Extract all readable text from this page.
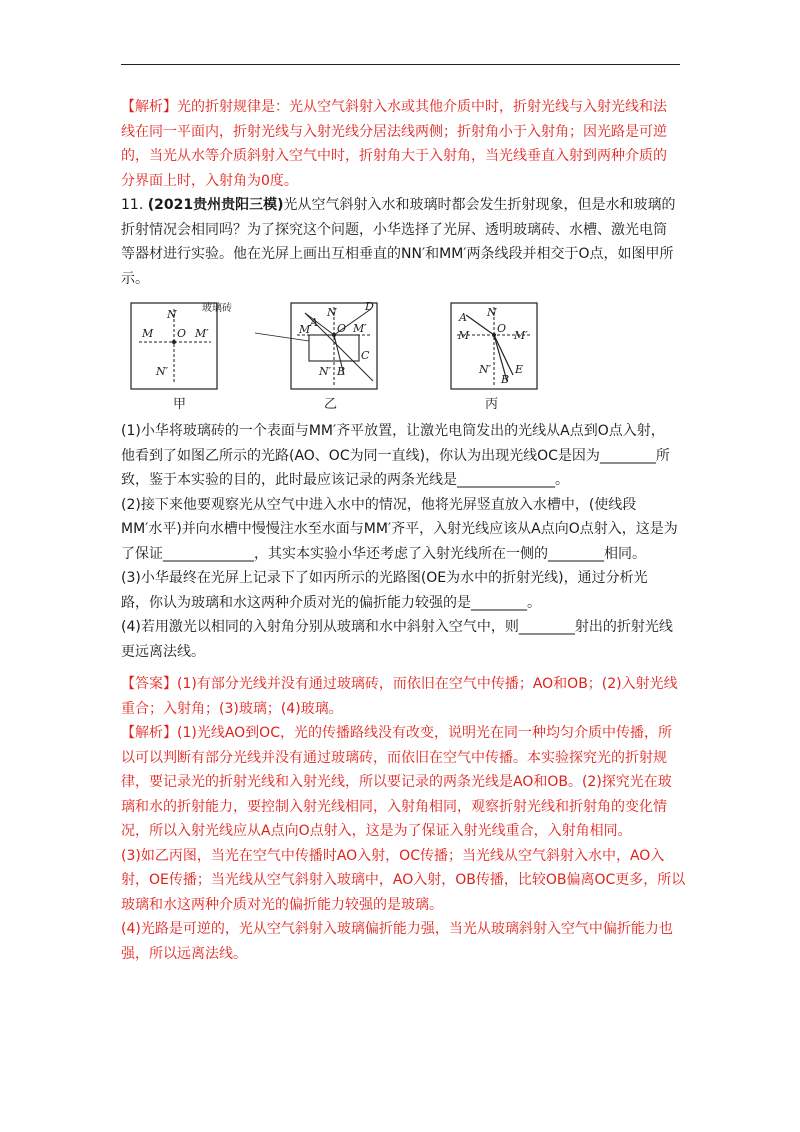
【解析】光的折射规律是：光从空气斜射入水或其他介质中时，折射光线与入射光线和法
线在同一平面内，折射光线与入射光线分居法线两侧；折射角小于入射角；因光路是可逆
的，当光从水等介质斜射入空气中时，折射角大于入射角，当光线垂直入射到两种介质的
分界面上时，入射角为0度。
11. (2021贵州贵阳三模)光从空气斜射入水和玻璃时都会发生折射现象，但是水和玻璃的
折射情况会相同吗？为了探究这个问题，小华选择了光屏、透明玻璃砖、水槽、激光电筒
等器材进行实验。他在光屏上画出互相垂直的NN′和MM′两条线段并相交于O点，如图甲所
示。
N
M O M′
N′
N
A
D
M O M′
C
N′ B
N
A
M
O
M′
E
N′
B
玻璃砖
甲	乙	丙
(1)小华将玻璃砖的一个表面与MM′齐平放置，让激光电筒发出的光线从A点到O点入射，
他看到了如图乙所示的光路(AO、OC为同一直线)，你认为出现光线OC是因为________所
致，鉴于本实验的目的，此时最应该记录的两条光线是______________。
(2)接下来他要观察光从空气中进入水中的情况，他将光屏竖直放入水槽中，(使线段
MM′水平)并向水槽中慢慢注水至水面与MM′齐平，入射光线应该从A点向O点射入，这是为
了保证_____________，其实本实验小华还考虑了入射光线所在一侧的________相同。
(3)小华最终在光屏上记录下了如丙所示的光路图(OE为水中的折射光线)，通过分析光
路，你认为玻璃和水这两种介质对光的偏折能力较强的是________。
(4)若用激光以相同的入射角分别从玻璃和水中斜射入空气中，则________射出的折射光线
更远离法线。
【答案】(1)有部分光线并没有通过玻璃砖，而依旧在空气中传播；AO和OB；(2)入射光线
重合；入射角；(3)玻璃；(4)玻璃。
【解析】(1)光线AO到OC，光的传播路线没有改变，说明光在同一种均匀介质中传播，所
以可以判断有部分光线并没有通过玻璃砖，而依旧在空气中传播。本实验探究光的折射规
律，要记录光的折射光线和入射光线，所以要记录的两条光线是AO和OB。(2)探究光在玻
璃和水的折射能力，要控制入射光线相同，入射角相同，观察折射光线和折射角的变化情
况，所以入射光线应从A点向O点射入，这是为了保证入射光线重合，入射角相同。
(3)如乙丙图，当光在空气中传播时AO入射，OC传播；当光线从空气斜射入水中，AO入
射，OE传播；当光线从空气斜射入玻璃中，AO入射，OB传播，比较OB偏离OC更多，所以
玻璃和水这两种介质对光的偏折能力较强的是玻璃。
(4)光路是可逆的，光从空气斜射入玻璃偏折能力强，当光从玻璃斜射入空气中偏折能力也
强，所以远离法线。
